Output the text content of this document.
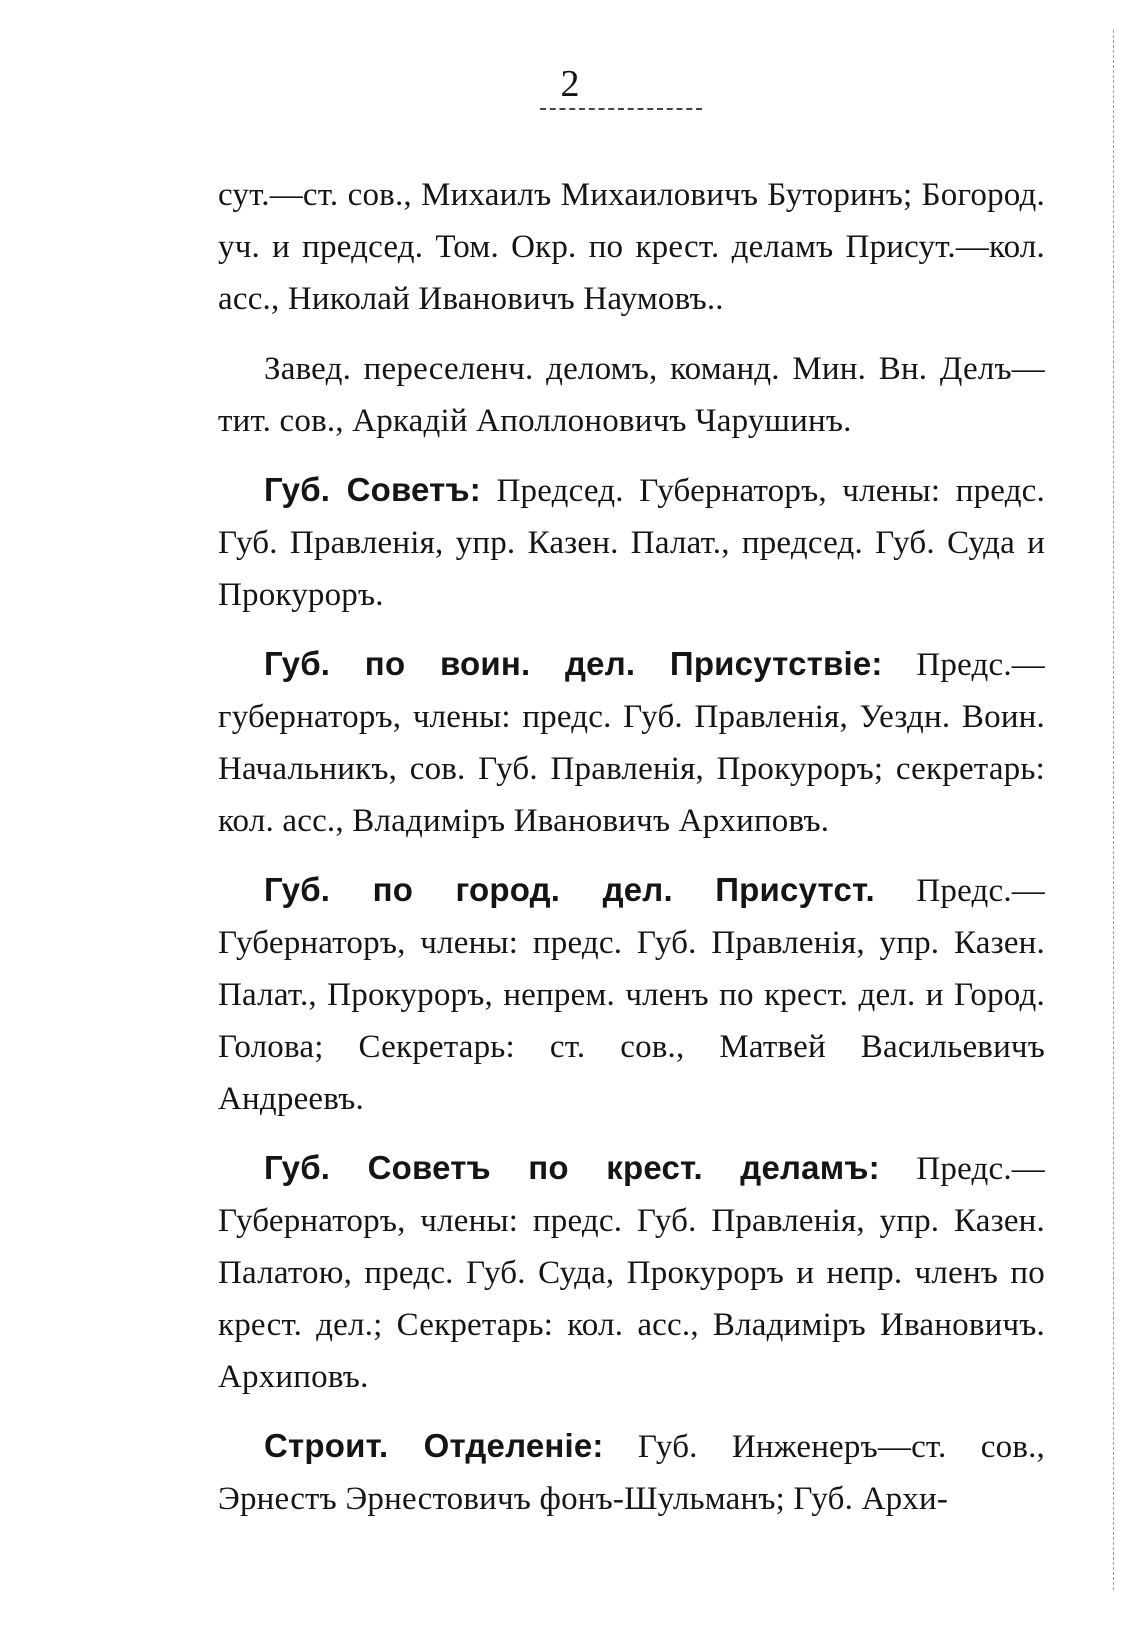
2

сут.—ст. сов., Михаилъ Михаиловичъ Буторинъ; Богород. уч. и председ. Том. Окр. по крест. деламъ Присут.—кол. асс., Николай Ивановичъ Наумовъ..

Завед. переселенч. деломъ, команд. Мин. Вн. Делъ—тит. сов., Аркадiй Аполлоновичъ Чарушинъ.

Губ. Советъ: Председ. Губернаторъ, члены: предс. Губ. Правленiя, упр. Казен. Палат., председ. Губ. Суда и Прокуроръ.

Губ. по воин. дел. Присутствiе: Предс.—губернаторъ, члены: предс. Губ. Правленiя, Уездн. Воин. Начальникъ, сов. Губ. Правленiя, Прокуроръ; секретарь: кол. асс., Владимiръ Ивановичъ Архиповъ.

Губ. по город. дел. Присутст. Предс.—Губернаторъ, члены: предс. Губ. Правленiя, упр. Казен. Палат., Прокуроръ, непрем. членъ по крест. дел. и Город. Голова; Секретарь: ст. сов., Матвей Васильевичъ Андреевъ.

Губ. Советъ по крест. деламъ: Предс.—Губернаторъ, члены: предс. Губ. Правленiя, упр. Казен. Палатою, предс. Губ. Суда, Прокуроръ и непр. членъ по крест. дел.; Секретарь: кол. асс., Владимiръ Ивановичъ. Архиповъ.

Строит. Отделенiе: Губ. Инженеръ—ст. сов., Эрнестъ Эрнестовичъ фонъ-Шульманъ; Губ. Архи-
